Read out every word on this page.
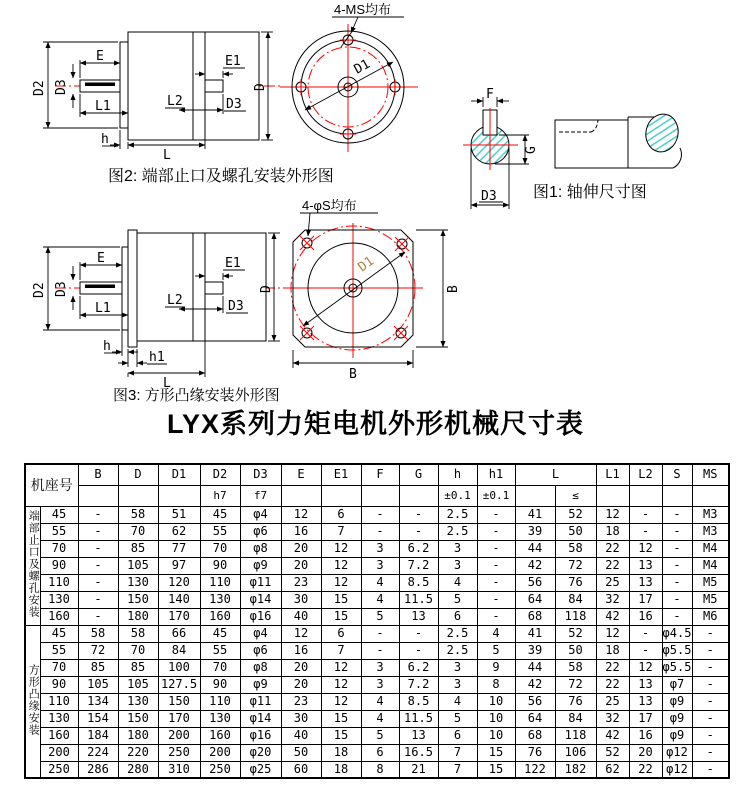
E
D3
D2
L1
E1
L2	D3
D
h
L
D1
4-MS均布
F
G
D3
E
D3
D2
L1
E1
L2	D3
D
h
h1
L
D1
B
B
4-φS均布
图2: 端部止口及螺孔安装外形图
图1: 轴伸尺寸图
图3: 方形凸缘安装外形图
LYX系列力矩电机外形机械尺寸表
机座号		B	D	D1	D2	D3	E	E1	F	G	h	h1	L		L1	L2	S	MS
					h7	f7					±0.1	±0.1		≤				
端部止口及螺孔安装	45	-	58	51	45	φ4	12	6	-	-	2.5	-	41	52	12	-	-	M3
	55	-	70	62	55	φ6	16	7	-	-	2.5	-	39	50	18	-	-	M3
	70	-	85	77	70	φ8	20	12	3	6.2	3	-	44	58	22	12	-	M4
	90	-	105	97	90	φ9	20	12	3	7.2	3	-	42	72	22	13	-	M4
	110	-	130	120	110	φ11	23	12	4	8.5	4	-	56	76	25	13	-	M5
	130	-	150	140	130	φ14	30	15	4	11.5	5	-	64	84	32	17	-	M5
	160	-	180	170	160	φ16	40	15	5	13	6	-	68	118	42	16	-	M6
方形凸缘安装	45	58	58	66	45	φ4	12	6	-	-	2.5	4	41	52	12	-	φ4.5	-
	55	72	70	84	55	φ6	16	7	-	-	2.5	5	39	50	18	-	φ5.5	-
	70	85	85	100	70	φ8	20	12	3	6.2	3	9	44	58	22	12	φ5.5	-
	90	105	105	127.5	90	φ9	20	12	3	7.2	3	8	42	72	22	13	φ7	-
	110	134	130	150	110	φ11	23	12	4	8.5	4	10	56	76	25	13	φ9	-
	130	154	150	170	130	φ14	30	15	4	11.5	5	10	64	84	32	17	φ9	-
	160	184	180	200	160	φ16	40	15	5	13	6	10	68	118	42	16	φ9	-
	200	224	220	250	200	φ20	50	18	6	16.5	7	15	76	106	52	20	φ12	-
	250	286	280	310	250	φ25	60	18	8	21	7	15	122	182	62	22	φ12	-
